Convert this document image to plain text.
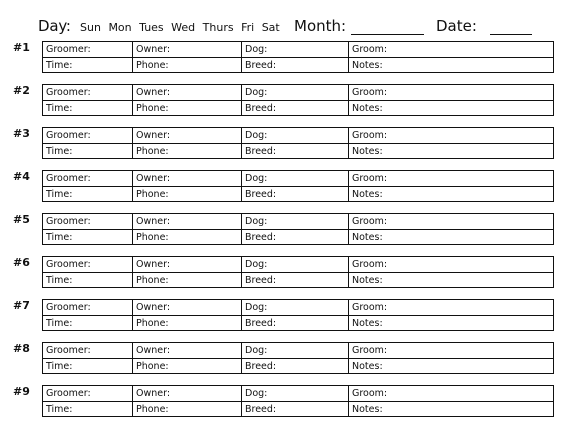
Day: Sun Mon Tues Wed Thurs Fri Sat Month:	Date:
#1	Groomer:	Owner:	Dog:	Groom:
Time:	Phone:	Breed:	Notes:
#2	Groomer:	Owner:	Dog:	Groom:
Time:	Phone:	Breed:	Notes:
#3	Groomer:	Owner:	Dog:	Groom:
Time:	Phone:	Breed:	Notes:
#4	Groomer:	Owner:	Dog:	Groom:
Time:	Phone:	Breed:	Notes:
#5	Groomer:	Owner:	Dog:	Groom:
Time:	Phone:	Breed:	Notes:
#6	Groomer:	Owner:	Dog:	Groom:
Time:	Phone:	Breed:	Notes:
#7	Groomer:	Owner:	Dog:	Groom:
Time:	Phone:	Breed:	Notes:
#8	Groomer:	Owner:	Dog:	Groom:
Time:	Phone:	Breed:	Notes:
#9	Groomer:	Owner:	Dog:	Groom:
Time:	Phone:	Breed:	Notes:
